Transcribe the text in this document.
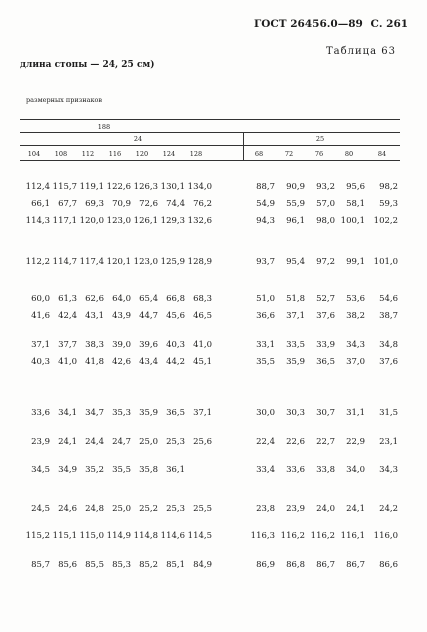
ГОСТ 26456.0—89 С. 261
Таблица 63
длина стопы — 24, 25 см)
размерных признаков
188
24	25
104	108	112	116	120	124	128	68	72	76	80	84
112,4 115,7 119,1 122,6 126,3 130,1 134,0	88,7	90,9	93,2	95,6	98,2
66,1 67,7 69,3 70,9 72,6 74,4 76,2	54,9	55,9	57,0	58,1	59,3
114,3 117,1 120,0 123,0 126,1 129,3 132,6	94,3	96,1	98,0 100,1	102,2
112,2 114,7 117,4 120,1 123,0 125,9 128,9	93,7	95,4	97,2	99,1	101,0
60,0 61,3 62,6 64,0 65,4 66,8 68,3	51,0	51,8	52,7	53,6	54,6
41,6 42,4 43,1 43,9 44,7 45,6 46,5	36,6	37,1	37,6	38,2	38,7
37,1 37,7 38,3 39,0 39,6 40,3 41,0	33,1	33,5	33,9	34,3	34,8
40,3 41,0 41,8 42,6 43,4 44,2 45,1	35,5	35,9	36,5	37,0	37,6
33,6 34,1 34,7 35,3 35,9 36,5 37,1	30,0	30,3	30,7	31,1	31,5
23,9 24,1 24,4 24,7 25,0 25,3 25,6	22,4	22,6	22,7	22,9	23,1
34,5 34,9 35,2 35,5 35,8 36,1	33,4	33,6	33,8	34,0	34,3
24,5 24,6 24,8 25,0 25,2 25,3 25,5	23,8	23,9	24,0	24,1	24,2
115,2 115,1 115,0 114,9 114,8 114,6 114,5	116,3 116,2 116,2 116,1	116,0
85,7 85,6 85,5 85,3 85,2 85,1 84,9	86,9	86,8	86,7	86,7	86,6
